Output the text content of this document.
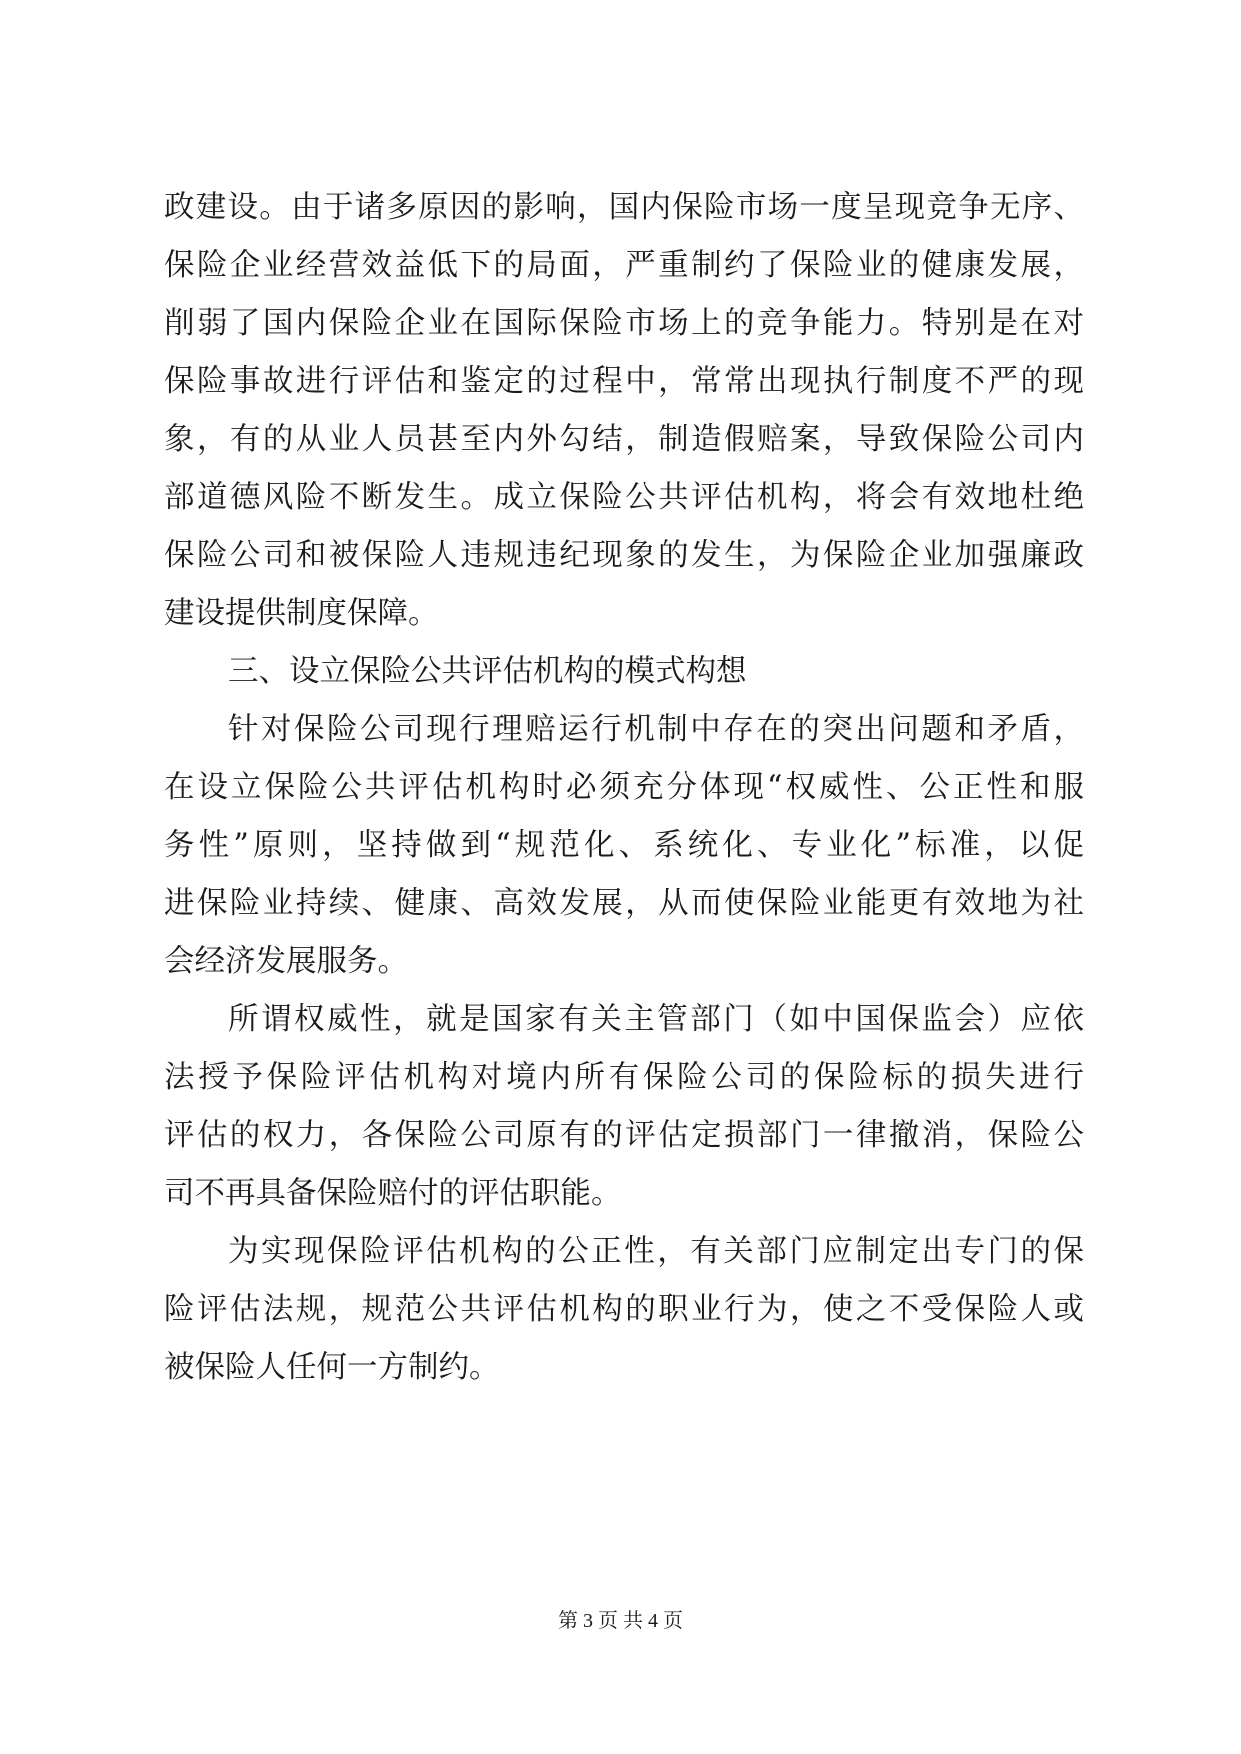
政建设。由于诸多原因的影响，国内保险市场一度呈现竞争无序、
保险企业经营效益低下的局面，严重制约了保险业的健康发展，
削弱了国内保险企业在国际保险市场上的竞争能力。特别是在对
保险事故进行评估和鉴定的过程中，常常出现执行制度不严的现
象，有的从业人员甚至内外勾结，制造假赔案，导致保险公司内
部道德风险不断发生。成立保险公共评估机构，将会有效地杜绝
保险公司和被保险人违规违纪现象的发生，为保险企业加强廉政
建设提供制度保障。
三、设立保险公共评估机构的模式构想
针对保险公司现行理赔运行机制中存在的突出问题和矛盾，
在设立保险公共评估机构时必须充分体现“权威性、公正性和服
务性”原则，坚持做到“规范化、系统化、专业化”标准，以促
进保险业持续、健康、高效发展，从而使保险业能更有效地为社
会经济发展服务。
所谓权威性，就是国家有关主管部门（如中国保监会）应依
法授予保险评估机构对境内所有保险公司的保险标的损失进行
评估的权力，各保险公司原有的评估定损部门一律撤消，保险公
司不再具备保险赔付的评估职能。
为实现保险评估机构的公正性，有关部门应制定出专门的保
险评估法规，规范公共评估机构的职业行为，使之不受保险人或
被保险人任何一方制约。
第 3 页 共 4 页
